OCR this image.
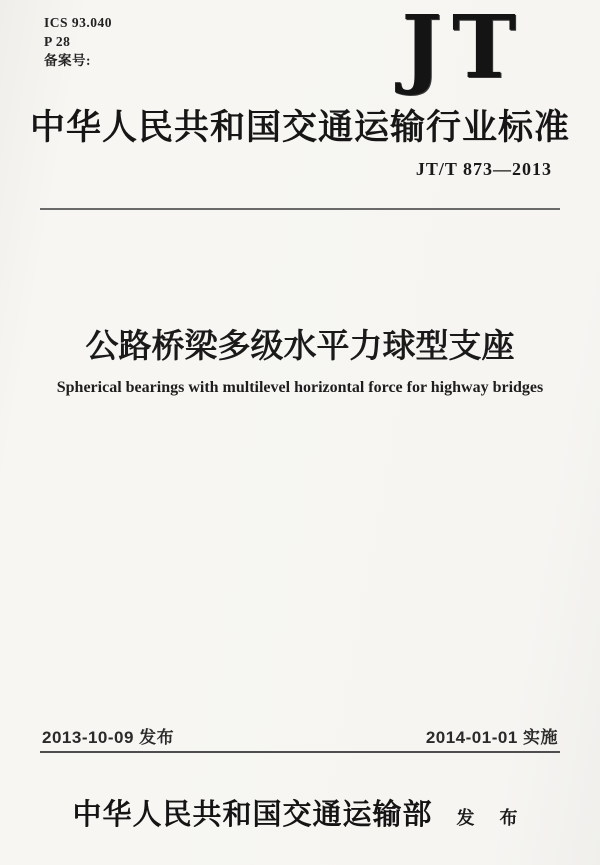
ICS 93.040
P 28
备案号:	JT
中华人民共和国交通运输行业标准
JT/T 873—2013
公路桥梁多级水平力球型支座
Spherical bearings with multilevel horizontal force for highway bridges
2013-10-09 发布	2014-01-01 实施
中华人民共和国交通运输部 发 布
